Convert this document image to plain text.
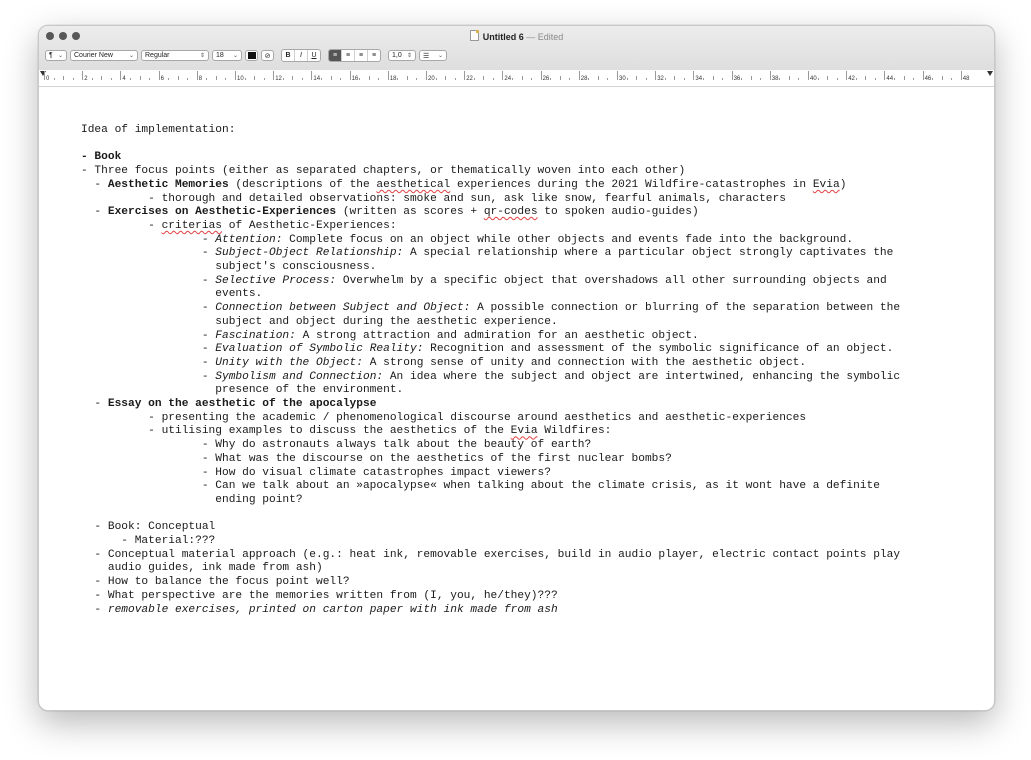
Untitled 6 — Edited
¶ ⌄ Courier New	⌄ Regular	⇕ 18	⌄	⊘	B	I	U	≡	≡	≡	≡	1,0 ⇕ ☰	⌄
0	2	4	6	8	10	12	14	16	18	20	22	24	26	28	30	32	34	36	38	40	42	44	46	48
Idea of implementation:
- Book
- Three focus points (either as separated chapters, or thematically woven into each other)
- Aesthetic Memories (descriptions of the aesthetical experiences during the 2021 Wildfire-catastrophes in Evia)
- thorough and detailed observations: smoke and sun, ask like snow, fearful animals, characters
- Exercises on Aesthetic-Experiences (written as scores + qr-codes to spoken audio-guides)
- criterias of Aesthetic-Experiences:
- Attention: Complete focus on an object while other objects and events fade into the background.
- Subject-Object Relationship: A special relationship where a particular object strongly captivates the
subject's consciousness.
- Selective Process: Overwhelm by a specific object that overshadows all other surrounding objects and
events.
- Connection between Subject and Object: A possible connection or blurring of the separation between the
subject and object during the aesthetic experience.
- Fascination: A strong attraction and admiration for an aesthetic object.
- Evaluation of Symbolic Reality: Recognition and assessment of the symbolic significance of an object.
- Unity with the Object: A strong sense of unity and connection with the aesthetic object.
- Symbolism and Connection: An idea where the subject and object are intertwined, enhancing the symbolic
presence of the environment.
- Essay on the aesthetic of the apocalypse
- presenting the academic / phenomenological discourse around aesthetics and aesthetic-experiences
- utilising examples to discuss the aesthetics of the Evia Wildfires:
- Why do astronauts always talk about the beauty of earth?
- What was the discourse on the aesthetics of the first nuclear bombs?
- How do visual climate catastrophes impact viewers?
- Can we talk about an »apocalypse« when talking about the climate crisis, as it wont have a definite
ending point?
- Book: Conceptual
- Material:???
- Conceptual material approach (e.g.: heat ink, removable exercises, build in audio player, electric contact points play
audio guides, ink made from ash)
- How to balance the focus point well?
- What perspective are the memories written from (I, you, he/they)???
- removable exercises, printed on carton paper with ink made from ash
